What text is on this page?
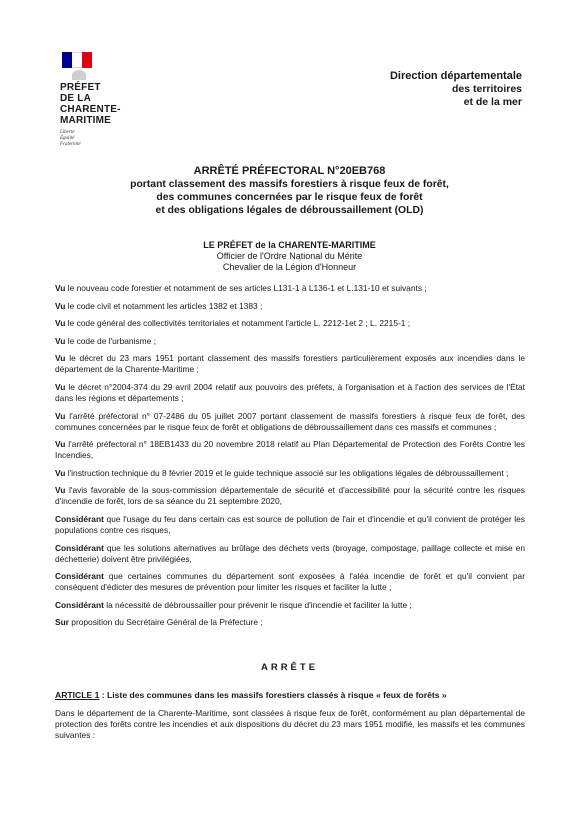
PRÉFET
DE LA
CHARENTE-
MARITIME
Liberté
Égalité
Fraternité
Direction départementale
des territoires
et de la mer
ARRÊTÉ PRÉFECTORAL N°20EB768
portant classement des massifs forestiers à risque feux de forêt,
des communes concernées par le risque feux de forêt
et des obligations légales de débroussaillement (OLD)
LE PRÉFET de la CHARENTE-MARITIME
Officier de l'Ordre National du Mérite
Chevalier de la Légion d'Honneur
Vu le nouveau code forestier et notamment de ses articles L131-1 à L136-1 et L.131-10 et suivants ;
Vu le code civil et notamment les articles 1382 et 1383 ;
Vu le code général des collectivités territoriales et notamment l'article L. 2212-1et 2 ; L. 2215-1 ;
Vu le code de l'urbanisme ;
Vu le décret du 23 mars 1951 portant classement des massifs forestiers particulièrement exposés aux incendies dans le département de la Charente-Maritime ;
Vu le décret n°2004-374 du 29 avril 2004 relatif aux pouvoirs des préfets, à l'organisation et à l'action des services de l'État dans les régions et départements ;
Vu l'arrêté préfectoral n° 07-2486 du 05 juillet 2007 portant classement de massifs forestiers à risque feux de forêt, des communes concernées par le risque feux de forêt et obligations de débroussaillement dans ces massifs et communes ;
Vu l'arrêté préfectoral n° 18EB1433 du 20 novembre 2018 relatif au Plan Départemental de Protection des Forêts Contre les Incendies,
Vu l'instruction technique du 8 février 2019 et le guide technique associé sur les obligations légales de débroussaillement ;
Vu l'avis favorable de la sous-commission départementale de sécurité et d'accessibilité pour la sécurité contre les risques d'incendie de forêt, lors de sa séance du 21 septembre 2020,
Considérant que l'usage du feu dans certain cas est source de pollution de l'air et d'incendie et qu'il convient de protéger les populations contre ces risques,
Considérant que les solutions alternatives au brûlage des déchets verts (broyage, compostage, paillage collecte et mise en déchetterie) doivent être privilégiées,
Considérant que certaines communes du département sont exposées à l'aléa incendie de forêt et qu'il convient par conséquent d'édicter des mesures de prévention pour limiter les risques et faciliter la lutte ;
Considérant la nécessité de débroussailler pour prévenir le risque d'incendie et faciliter la lutte ;
Sur proposition du Secrétaire Général de la Préfecture ;
ARRÊTE
ARTICLE 1 : Liste des communes dans les massifs forestiers classés à risque « feux de forêts »
Dans le département de la Charente-Maritime, sont classées à risque feux de forêt, conformément au plan départemental de protection des forêts contre les incendies et aux dispositions du décret du 23 mars 1951 modifié, les massifs et les communes suivantes :
